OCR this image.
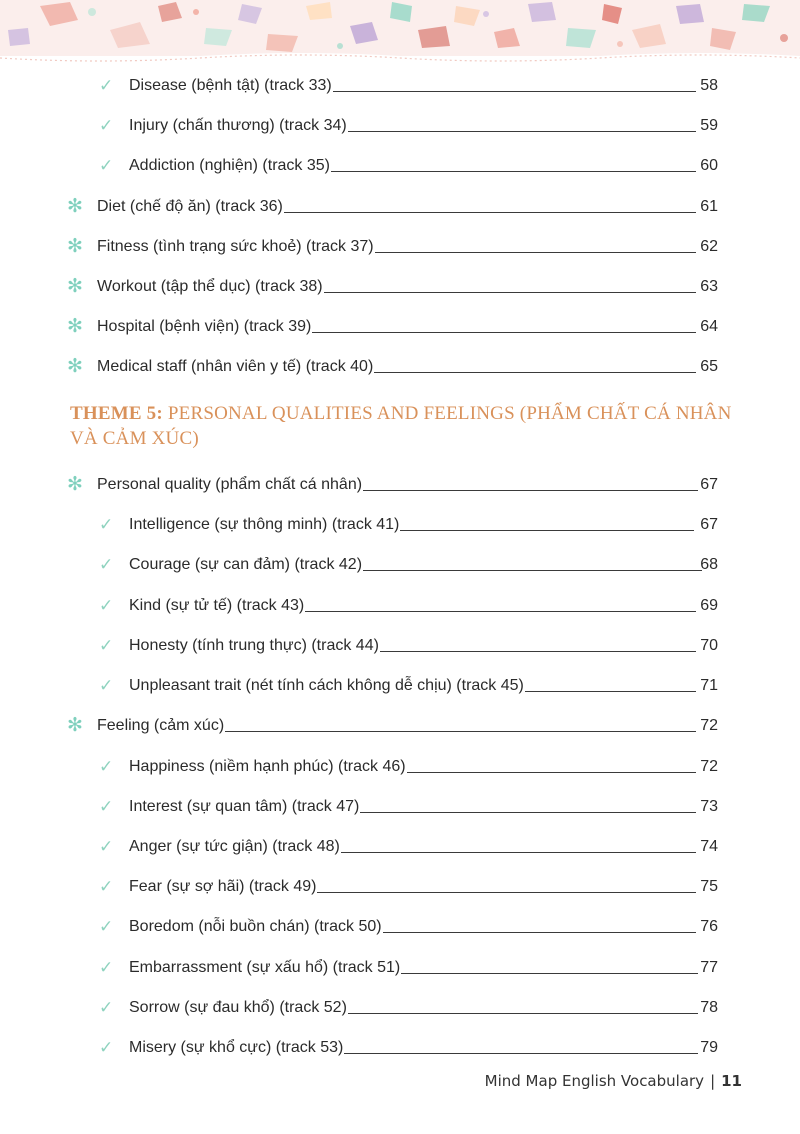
✓ Disease (bệnh tật) (track 33)	58
✓ Injury (chấn thương) (track 34)	59
✓ Addiction (nghiện) (track 35)	60
✻ Diet (chế độ ăn) (track 36)	61
✻ Fitness (tình trạng sức khoẻ) (track 37)	62
✻ Workout (tập thể dục) (track 38)	63
✻ Hospital (bệnh viện) (track 39)	64
✻ Medical staff (nhân viên y tế) (track 40)	65
THEME 5: PERSONAL QUALITIES AND FEELINGS (PHẨM CHẤT CÁ NHÂN VÀ CẢM XÚC)
✻ Personal quality (phẩm chất cá nhân)	67
✓ Intelligence (sự thông minh) (track 41)	67
✓ Courage (sự can đảm) (track 42)	68
✓ Kind (sự tử tế) (track 43)	69
✓ Honesty (tính trung thực) (track 44)	70
✓ Unpleasant trait (nét tính cách không dễ chịu) (track 45)	71
✻ Feeling (cảm xúc)	72
✓ Happiness (niềm hạnh phúc) (track 46)	72
✓ Interest (sự quan tâm) (track 47)	73
✓ Anger (sự tức giận) (track 48)	74
✓ Fear (sự sợ hãi) (track 49)	75
✓ Boredom (nỗi buồn chán) (track 50)	76
✓ Embarrassment (sự xấu hổ) (track 51)	77
✓ Sorrow (sự đau khổ) (track 52)	78
✓ Misery (sự khổ cực) (track 53)	79
Mind Map English Vocabulary | 11
